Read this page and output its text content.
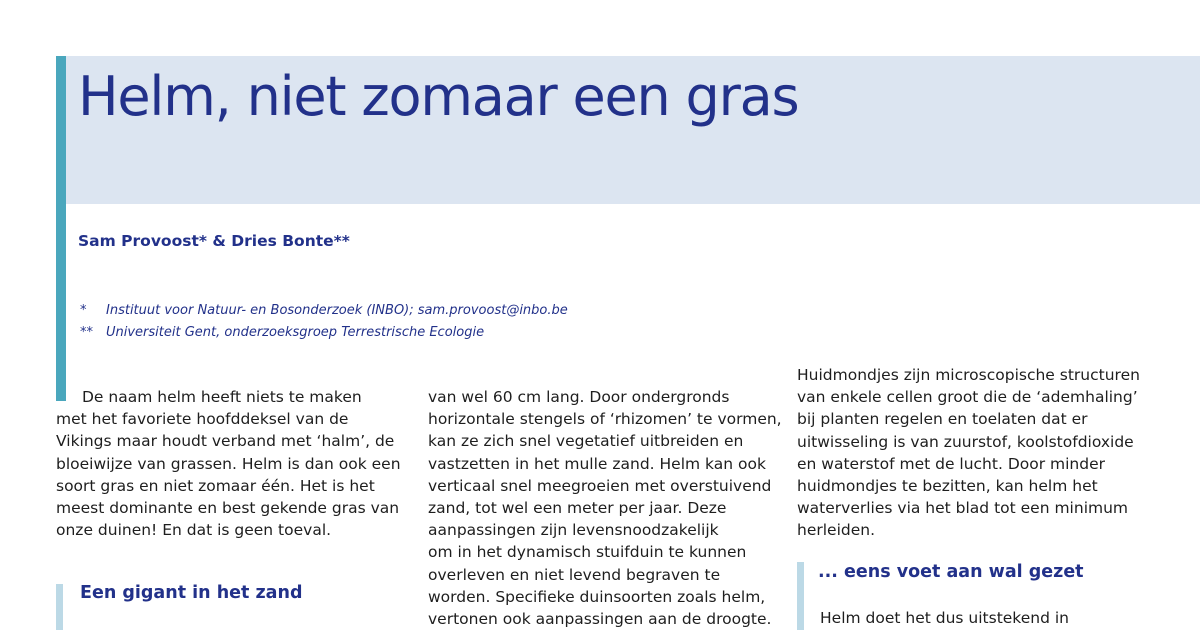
Helm, niet zomaar een gras
Sam Provoost* & Dries Bonte**
* Instituut voor Natuur- en Bosonderzoek (INBO); sam.provoost@inbo.be
** Universiteit Gent, onderzoeksgroep Terrestrische Ecologie
De naam helm heeft niets te maken
met het favoriete hoofddeksel van de
Vikings maar houdt verband met ‘halm’, de
bloeiwijze van grassen. Helm is dan ook een
soort gras en niet zomaar één. Het is het
meest dominante en best gekende gras van
onze duinen! En dat is geen toeval.
Een gigant in het zand
van wel 60 cm lang. Door ondergronds
horizontale stengels of ‘rhizomen’ te vormen,
kan ze zich snel vegetatief uitbreiden en
vastzetten in het mulle zand. Helm kan ook
verticaal snel meegroeien met overstuivend
zand, tot wel een meter per jaar. Deze
aanpassingen zijn levensnoodzakelijk
om in het dynamisch stuifduin te kunnen
overleven en niet levend begraven te
worden. Specifieke duinsoorten zoals helm,
vertonen ook aanpassingen aan de droogte.
Huidmondjes zijn microscopische structuren
van enkele cellen groot die de ‘ademhaling’
bij planten regelen en toelaten dat er
uitwisseling is van zuurstof, koolstofdioxide
en waterstof met de lucht. Door minder
huidmondjes te bezitten, kan helm het
waterverlies via het blad tot een minimum
herleiden.
... eens voet aan wal gezet
Helm doet het dus uitstekend in
